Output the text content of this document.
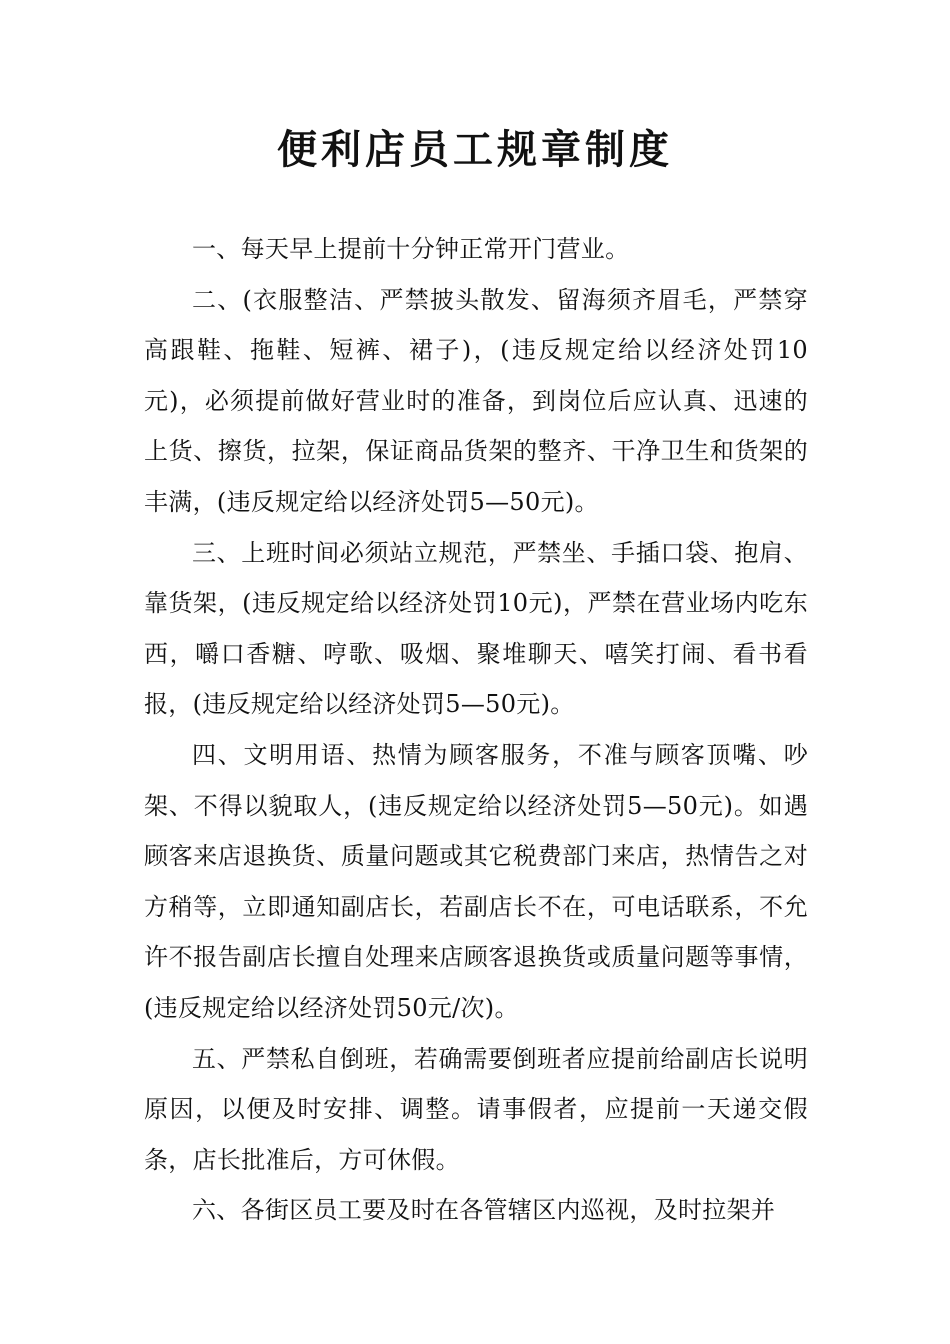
便利店员工规章制度

一、每天早上提前十分钟正常开门营业。

二、(衣服整洁、严禁披头散发、留海须齐眉毛，严禁穿高跟鞋、拖鞋、短裤、裙子)，(违反规定给以经济处罚10元)，必须提前做好营业时的准备，到岗位后应认真、迅速的上货、擦货，拉架，保证商品货架的整齐、干净卫生和货架的丰满，(违反规定给以经济处罚5—50元)。

三、上班时间必须站立规范，严禁坐、手插口袋、抱肩、靠货架，(违反规定给以经济处罚10元)，严禁在营业场内吃东西，嚼口香糖、哼歌、吸烟、聚堆聊天、嘻笑打闹、看书看报，(违反规定给以经济处罚5—50元)。

四、文明用语、热情为顾客服务，不准与顾客顶嘴、吵架、不得以貌取人，(违反规定给以经济处罚5—50元)。如遇顾客来店退换货、质量问题或其它税费部门来店，热情告之对方稍等，立即通知副店长，若副店长不在，可电话联系，不允许不报告副店长擅自处理来店顾客退换货或质量问题等事情，(违反规定给以经济处罚50元/次)。

五、严禁私自倒班，若确需要倒班者应提前给副店长说明原因，以便及时安排、调整。请事假者，应提前一天递交假条，店长批准后，方可休假。

六、各街区员工要及时在各管辖区内巡视，及时拉架并
